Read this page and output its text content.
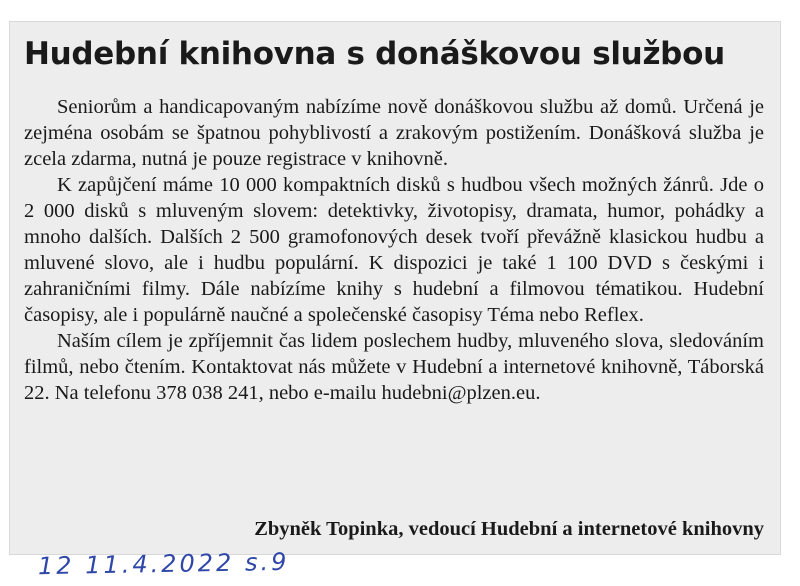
Hudební knihovna s donáškovou službou

Seniorům a handicapovaným nabízíme nově donáškovou službu až domů. Určená je zejména osobám se špatnou pohyblivostí a zrakovým postižením. Donášková služba je zcela zdarma, nutná je pouze registrace v knihovně.

K zapůjčení máme 10 000 kompaktních disků s hudbou všech možných žánrů. Jde o 2 000 disků s mluveným slovem: detektivky, životopisy, dramata, humor, pohádky a mnoho dalších. Dalších 2 500 gramofonových desek tvoří převážně klasickou hudbu a mluvené slovo, ale i hudbu populární. K dispozici je také 1 100 DVD s českými i zahraničními filmy. Dále nabízíme knihy s hudební a filmovou tématikou. Hudební časopisy, ale i populárně naučné a společenské časopisy Téma nebo Reflex.

Naším cílem je zpříjemnit čas lidem poslechem hudby, mluveného slova, sledováním filmů, nebo čtením. Kontaktovat nás můžete v Hudební a internetové knihovně, Táborská 22. Na telefonu 378 038 241, nebo e-mailu hudebni@plzen.eu.

Zbyněk Topinka, vedoucí Hudební a internetové knihovny
12 11.4.2022 s.9
